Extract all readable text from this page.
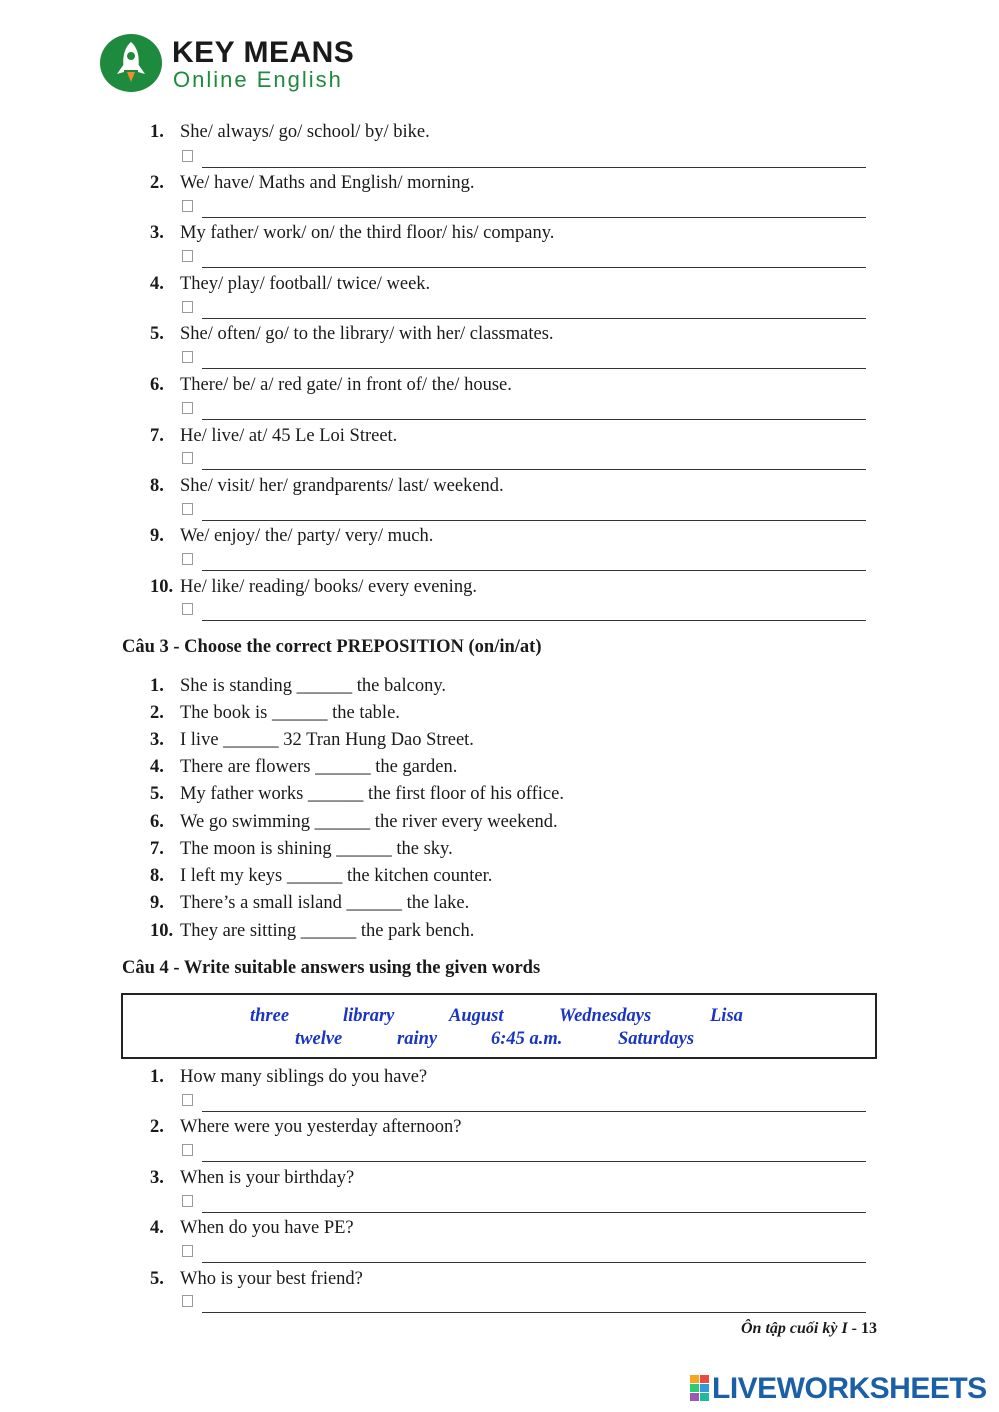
KEY MEANS
Online English
1. She/ always/ go/ school/ by/ bike.
2. We/ have/ Maths and English/ morning.
3. My father/ work/ on/ the third floor/ his/ company.
4. They/ play/ football/ twice/ week.
5. She/ often/ go/ to the library/ with her/ classmates.
6. There/ be/ a/ red gate/ in front of/ the/ house.
7. He/ live/ at/ 45 Le Loi Street.
8. She/ visit/ her/ grandparents/ last/ weekend.
9. We/ enjoy/ the/ party/ very/ much.
10. He/ like/ reading/ books/ every evening.
Câu 3 - Choose the correct PREPOSITION (on/in/at)
1. She is standing ______ the balcony.
2. The book is ______ the table.
3. I live ______ 32 Tran Hung Dao Street.
4. There are flowers ______ the garden.
5. My father works ______ the first floor of his office.
6. We go swimming ______ the river every weekend.
7. The moon is shining ______ the sky.
8. I left my keys ______ the kitchen counter.
9. There’s a small island ______ the lake.
10. They are sitting ______ the park bench.
Câu 4 - Write suitable answers using the given words
three	library	August	Wednesdays	Lisa
twelve	rainy	6:45 a.m.	Saturdays
1. How many siblings do you have?
2. Where were you yesterday afternoon?
3. When is your birthday?
4. When do you have PE?
5. Who is your best friend?
Ôn tập cuối kỳ I - 13
LIVEWORKSHEETS
